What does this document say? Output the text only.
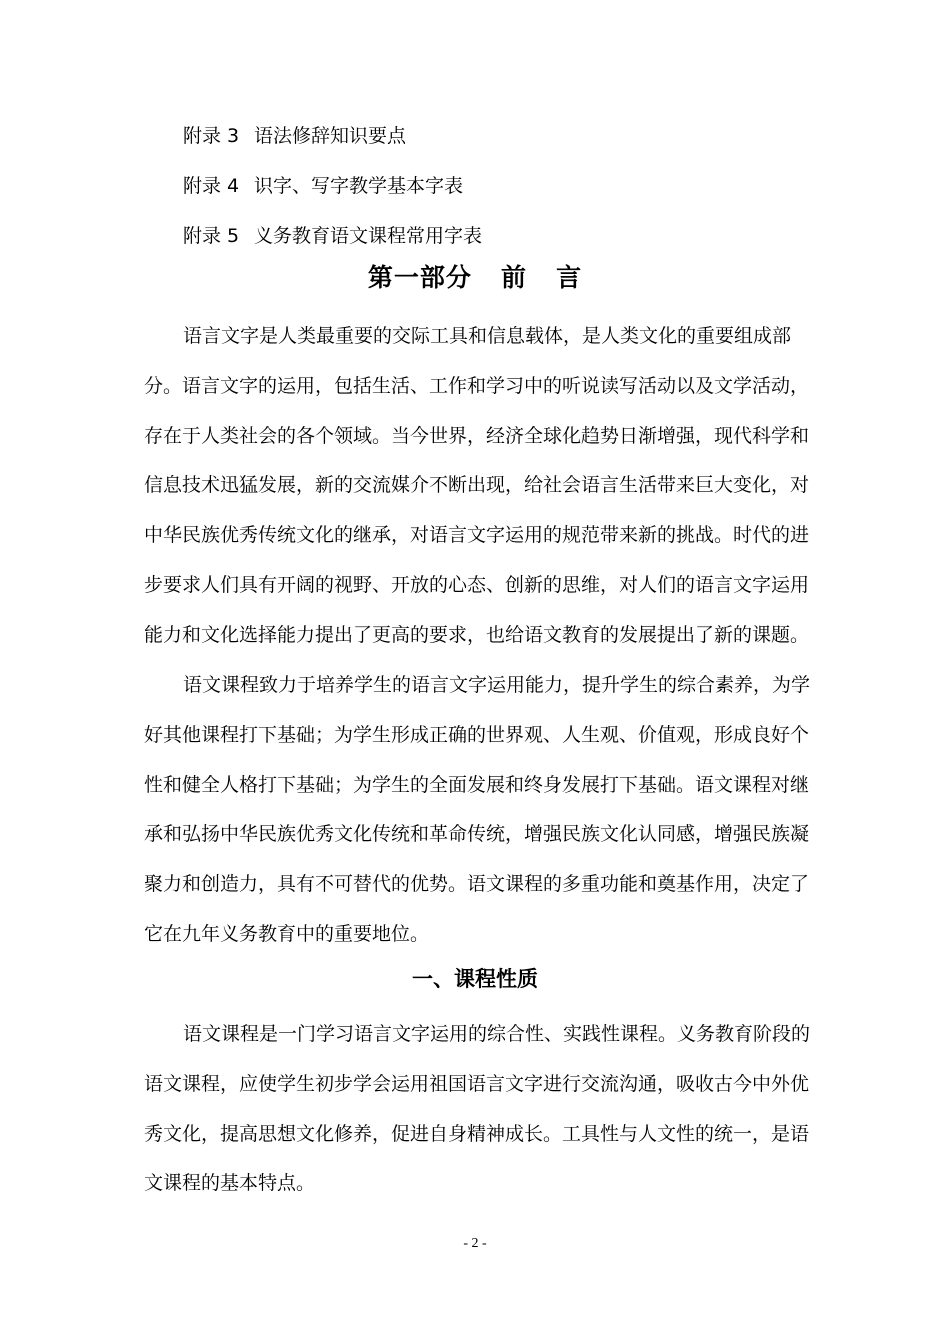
附录 3 语法修辞知识要点
附录 4 识字、写字教学基本字表
附录 5 义务教育语文课程常用字表
第一部分   前   言
语言文字是人类最重要的交际工具和信息载体，是人类文化的重要组成部
分。语言文字的运用，包括生活、工作和学习中的听说读写活动以及文学活动，
存在于人类社会的各个领域。当今世界，经济全球化趋势日渐增强，现代科学和
信息技术迅猛发展，新的交流媒介不断出现，给社会语言生活带来巨大变化，对
中华民族优秀传统文化的继承，对语言文字运用的规范带来新的挑战。时代的进
步要求人们具有开阔的视野、开放的心态、创新的思维，对人们的语言文字运用
能力和文化选择能力提出了更高的要求，也给语文教育的发展提出了新的课题。
语文课程致力于培养学生的语言文字运用能力，提升学生的综合素养，为学
好其他课程打下基础；为学生形成正确的世界观、人生观、价值观，形成良好个
性和健全人格打下基础；为学生的全面发展和终身发展打下基础。语文课程对继
承和弘扬中华民族优秀文化传统和革命传统，增强民族文化认同感，增强民族凝
聚力和创造力，具有不可替代的优势。语文课程的多重功能和奠基作用，决定了
它在九年义务教育中的重要地位。
一、课程性质
语文课程是一门学习语言文字运用的综合性、实践性课程。义务教育阶段的
语文课程，应使学生初步学会运用祖国语言文字进行交流沟通，吸收古今中外优
秀文化，提高思想文化修养，促进自身精神成长。工具性与人文性的统一，是语
文课程的基本特点。
- 2 -
